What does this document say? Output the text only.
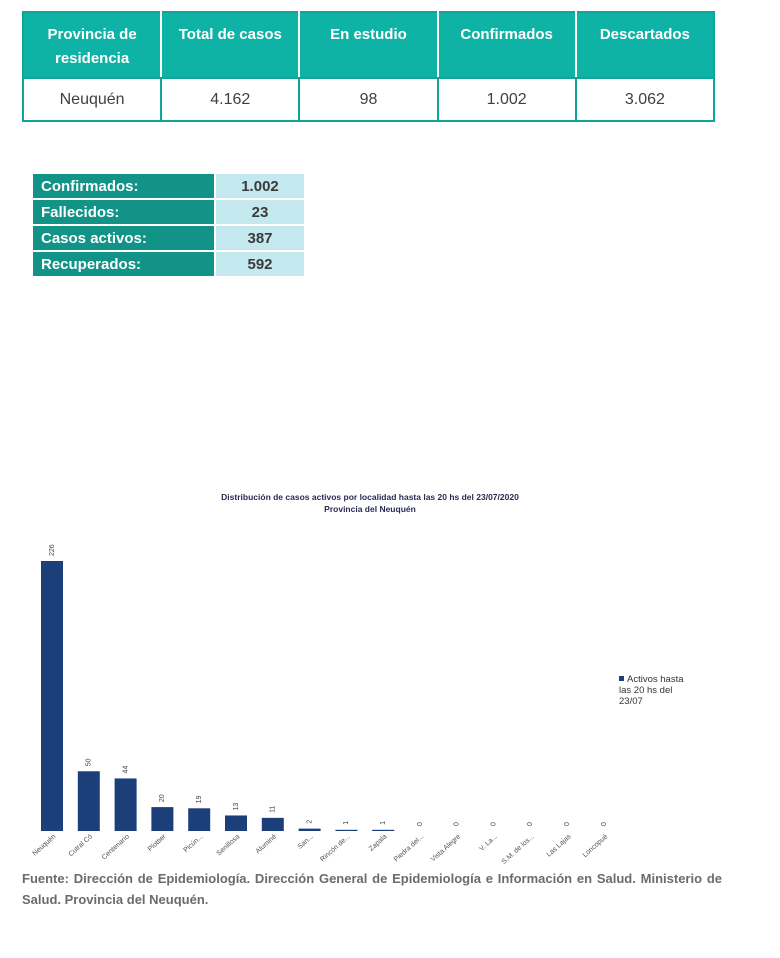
Provincia de residencia	Total de casos	En estudio	Confirmados	Descartados
Neuquén	4.162	98	1.002	3.062
Confirmados:	1.002
Fallecidos:	23
Casos activos:	387
Recuperados:	592
Distribución de casos activos por localidad hasta las 20 hs del 23/07/2020
Provincia del Neuquén
226
50
44
20	19
13	11
2	1	1	0	0	0	0	0	0
Neuquén Cutral Có Centenario Plottier Picún... Senillosa Aluminé	San... Rincón de... Zapala Piedra del... Vista Alegre V. La... S.M. de los... Las Lajas Loncopué
Activos hasta las 20 hs del 23/07

Fuente: Dirección de Epidemiología. Dirección General de Epidemiología e Información en Salud. Ministerio de Salud. Provincia del Neuquén.
